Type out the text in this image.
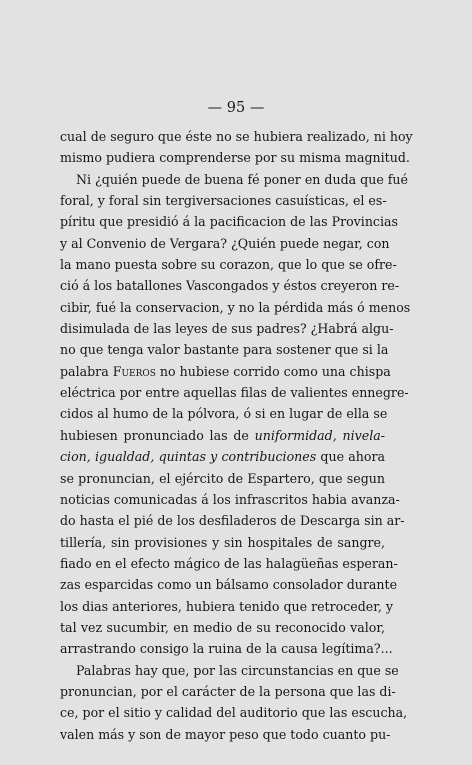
— 95 —
cual de seguro que éste no se hubiera realizado, ni hoy
mismo pudiera comprenderse por su misma magnitud.
Ni ¿quién puede de buena fé poner en duda que fué
foral, y foral sin tergiversaciones casuísticas, el es-
píritu que presidió á la pacificacion de las Provincias
y al Convenio de Vergara? ¿Quién puede negar, con
la mano puesta sobre su corazon, que lo que se ofre-
ció á los batallones Vascongados y éstos creyeron re-
cibir, fué la conservacion, y no la pérdida más ó menos
disimulada de las leyes de sus padres? ¿Habrá algu-
no que tenga valor bastante para sostener que si la
palabra Fueros no hubiese corrido como una chispa
eléctrica por entre aquellas filas de valientes ennegre-
cidos al humo de la pólvora, ó si en lugar de ella se
hubiesen pronunciado las de uniformidad, nivela-
cion, igualdad, quintas y contribuciones que ahora
se pronuncian, el ejército de Espartero, que segun
noticias comunicadas á los infrascritos habia avanza-
do hasta el pié de los desfiladeros de Descarga sin ar-
tillería, sin provisiones y sin hospitales de sangre,
fiado en el efecto mágico de las halagüeñas esperan-
zas esparcidas como un bálsamo consolador durante
los dias anteriores, hubiera tenido que retroceder, y
tal vez sucumbir, en medio de su reconocido valor,
arrastrando consigo la ruina de la causa legítima?...
Palabras hay que, por las circunstancias en que se
pronuncian, por el carácter de la persona que las di-
ce, por el sitio y calidad del auditorio que las escucha,
valen más y son de mayor peso que todo cuanto pu-
